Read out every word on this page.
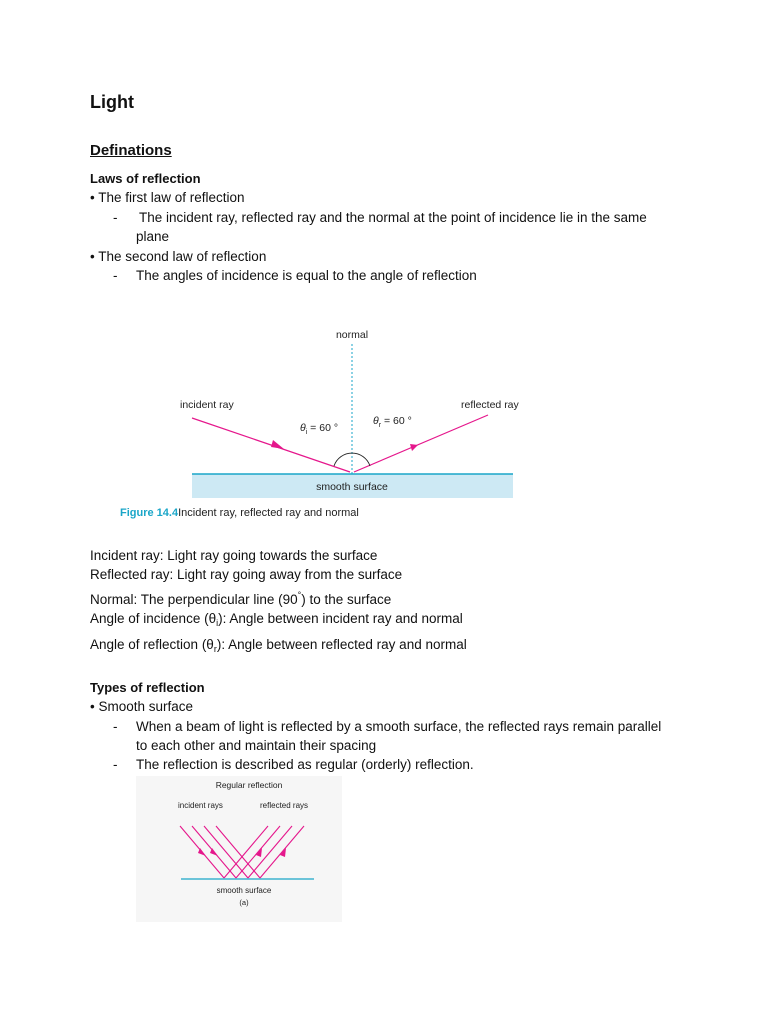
Light
Definations
Laws of reflection
• The first law of reflection
- The incident ray, reflected ray and the normal at the point of incidence lie in the same
plane
• The second law of reflection
- The angles of incidence is equal to the angle of reflection
normal
smooth surface
incident ray	reflected ray
$\theta_i = 60$ °
$\theta_r = 60$ °
Figure 14.4Incident ray, reflected ray and normal
Incident ray: Light ray going towards the surface
Reflected ray: Light ray going away from the surface
Normal: The perpendicular line (90°) to the surface
Angle of incidence $(\theta_i)$: Angle between incident ray and normal
Angle of reflection $(\theta_r)$: Angle between reflected ray and normal
Types of reflection
• Smooth surface
- When a beam of light is reflected by a smooth surface, the reflected rays remain parallel
to each other and maintain their spacing
- The reflection is described as regular (orderly) reflection.
Regular reflection
incident rays	reflected rays
smooth surface
(a)
